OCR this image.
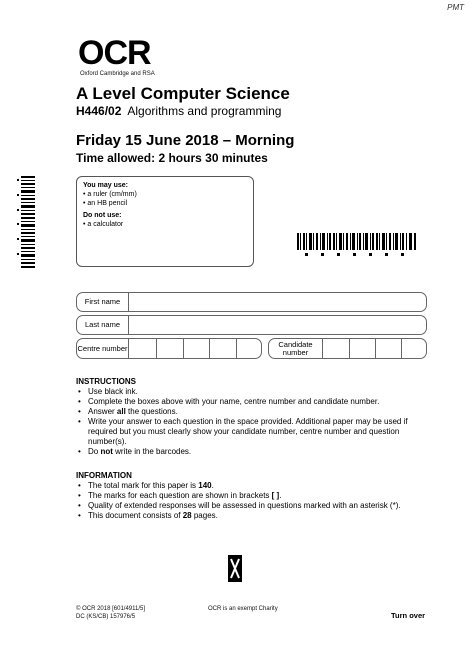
PMT
OCR
Oxford Cambridge and RSA
A Level Computer Science
H446/02 Algorithms and programming
Friday 15 June 2018 – Morning
Time allowed: 2 hours 30 minutes
You may use:
• a ruler (cm/mm)
• an HB pencil
Do not use:
• a calculator
First name
Last name
Centre number	Candidate number
INSTRUCTIONS
• Use black ink.
• Complete the boxes above with your name, centre number and candidate number.
• Answer all the questions.
• Write your answer to each question in the space provided. Additional paper may be used if required but you must clearly show your candidate number, centre number and question number(s).
• Do not write in the barcodes.
INFORMATION
• The total mark for this paper is 140.
• The marks for each question are shown in brackets [ ].
• Quality of extended responses will be assessed in questions marked with an asterisk (*).
• This document consists of 28 pages.
© OCR 2018 [601/4911/5]
DC (KS/CB) 157976/5
OCR is an exempt Charity
Turn over
